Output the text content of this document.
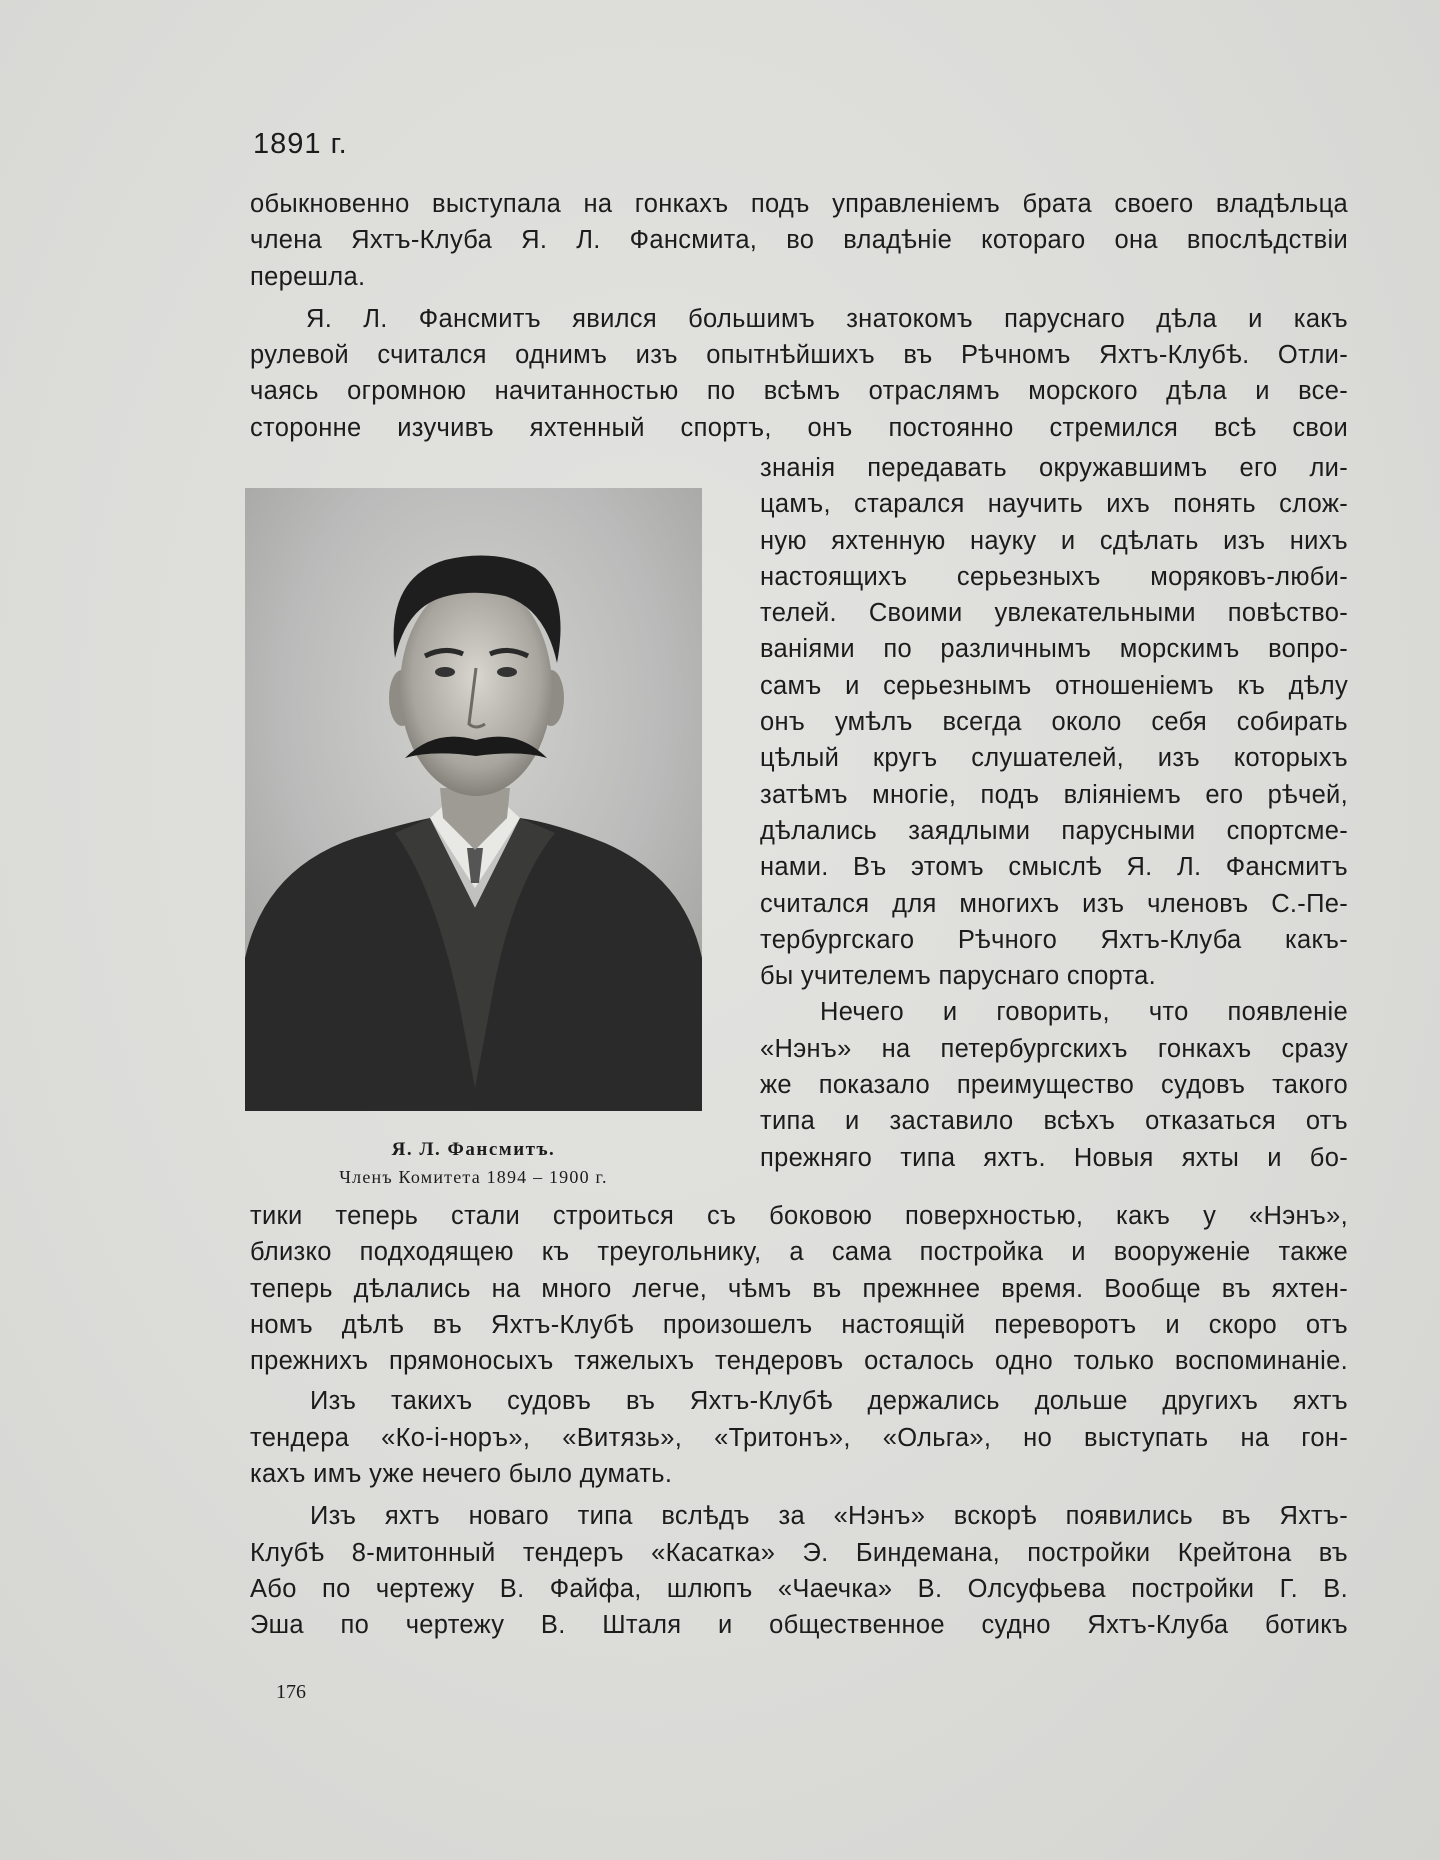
1891 г.
обыкновенно выступала на гонкахъ подъ управленіемъ брата своего владѣльца
члена Яхтъ-Клуба Я. Л. Фансмита, во владѣніе котораго она впослѣдствіи
перешла.
Я. Л. Фансмитъ явился большимъ знатокомъ паруснаго дѣла и какъ
рулевой считался однимъ изъ опытнѣйшихъ въ Рѣчномъ Яхтъ-Клубѣ. Отли-
чаясь огромною начитанностью по всѣмъ отраслямъ морского дѣла и все-
сторонне изучивъ яхтенный спортъ, онъ постоянно стремился всѣ свои
знанія передавать окружавшимъ его ли-
цамъ, старался научить ихъ понять слож-
ную яхтенную науку и сдѣлать изъ нихъ
настоящихъ серьезныхъ моряковъ-люби-
телей. Своими увлекательными повѣство-
ваніями по различнымъ морскимъ вопро-
самъ и серьезнымъ отношеніемъ къ дѣлу
онъ умѣлъ всегда около себя собирать
цѣлый кругъ слушателей, изъ которыхъ
затѣмъ многіе, подъ вліяніемъ его рѣчей,
дѣлались заядлыми парусными спортсме-
нами. Въ этомъ смыслѣ Я. Л. Фансмитъ
считался для многихъ изъ членовъ С.-Пе-
тербургскаго Рѣчного Яхтъ-Клуба какъ-
бы учителемъ паруснаго спорта.
Нечего и говорить, что появленіе
«Нэнъ» на петербургскихъ гонкахъ сразу
же показало преимущество судовъ такого
типа и заставило всѣхъ отказаться отъ
прежняго типа яхтъ. Новыя яхты и бо-
Я. Л. Фансмитъ.
Членъ Комитета 1894 – 1900 г.
тики теперь стали строиться съ боковою поверхностью, какъ у «Нэнъ»,
близко подходящею къ треугольнику, а сама постройка и вооруженіе также
теперь дѣлались на много легче, чѣмъ въ прежннее время. Вообще въ яхтен-
номъ дѣлѣ въ Яхтъ-Клубѣ произошелъ настоящій переворотъ и скоро отъ
прежнихъ прямоносыхъ тяжелыхъ тендеровъ осталось одно только воспоминаніе.
Изъ такихъ судовъ въ Яхтъ-Клубѣ держались дольше другихъ яхтъ
тендера «Ко-і-норъ», «Витязь», «Тритонъ», «Ольга», но выступать на гон-
кахъ имъ уже нечего было думать.
Изъ яхтъ новаго типа вслѣдъ за «Нэнъ» вскорѣ появились въ Яхтъ-
Клубѣ 8-митонный тендеръ «Касатка» Э. Биндемана, постройки Крейтона въ
Або по чертежу В. Файфа, шлюпъ «Чаечка» В. Олсуфьева постройки Г. В.
Эша по чертежу В. Шталя и общественное судно Яхтъ-Клуба ботикъ
176
